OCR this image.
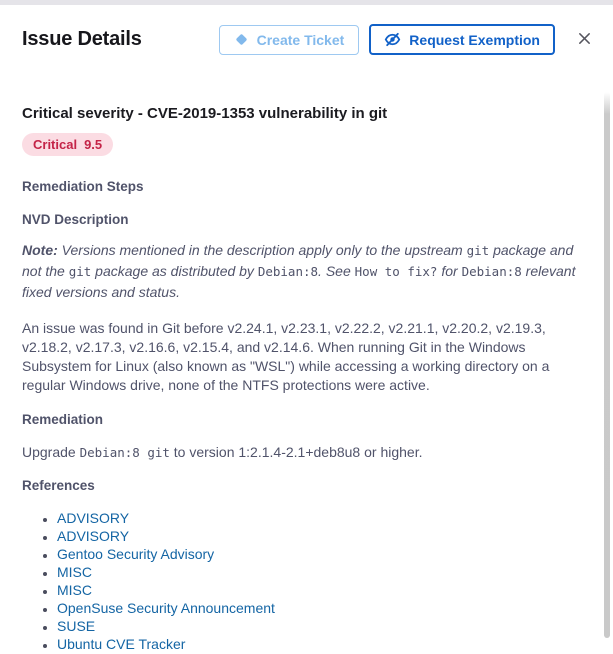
Issue Details	Create Ticket	Request Exemption
Critical severity - CVE-2019-1353 vulnerability in git
Critical 9.5
Remediation Steps
NVD Description

Note: Versions mentioned in the description apply only to the upstream git package and not the git package as distributed by Debian:8. See How to fix? for Debian:8 relevant fixed versions and status.

An issue was found in Git before v2.24.1, v2.23.1, v2.22.2, v2.21.1, v2.20.2, v2.19.3, v2.18.2, v2.17.3, v2.16.6, v2.15.4, and v2.14.6. When running Git in the Windows Subsystem for Linux (also known as "WSL") while accessing a working directory on a regular Windows drive, none of the NTFS protections were active.

Remediation

Upgrade Debian:8 git to version 1:2.1.4-2.1+deb8u8 or higher.

References
• ADVISORY
• ADVISORY
• Gentoo Security Advisory
• MISC
• MISC
• OpenSuse Security Announcement
• SUSE
• Ubuntu CVE Tracker
